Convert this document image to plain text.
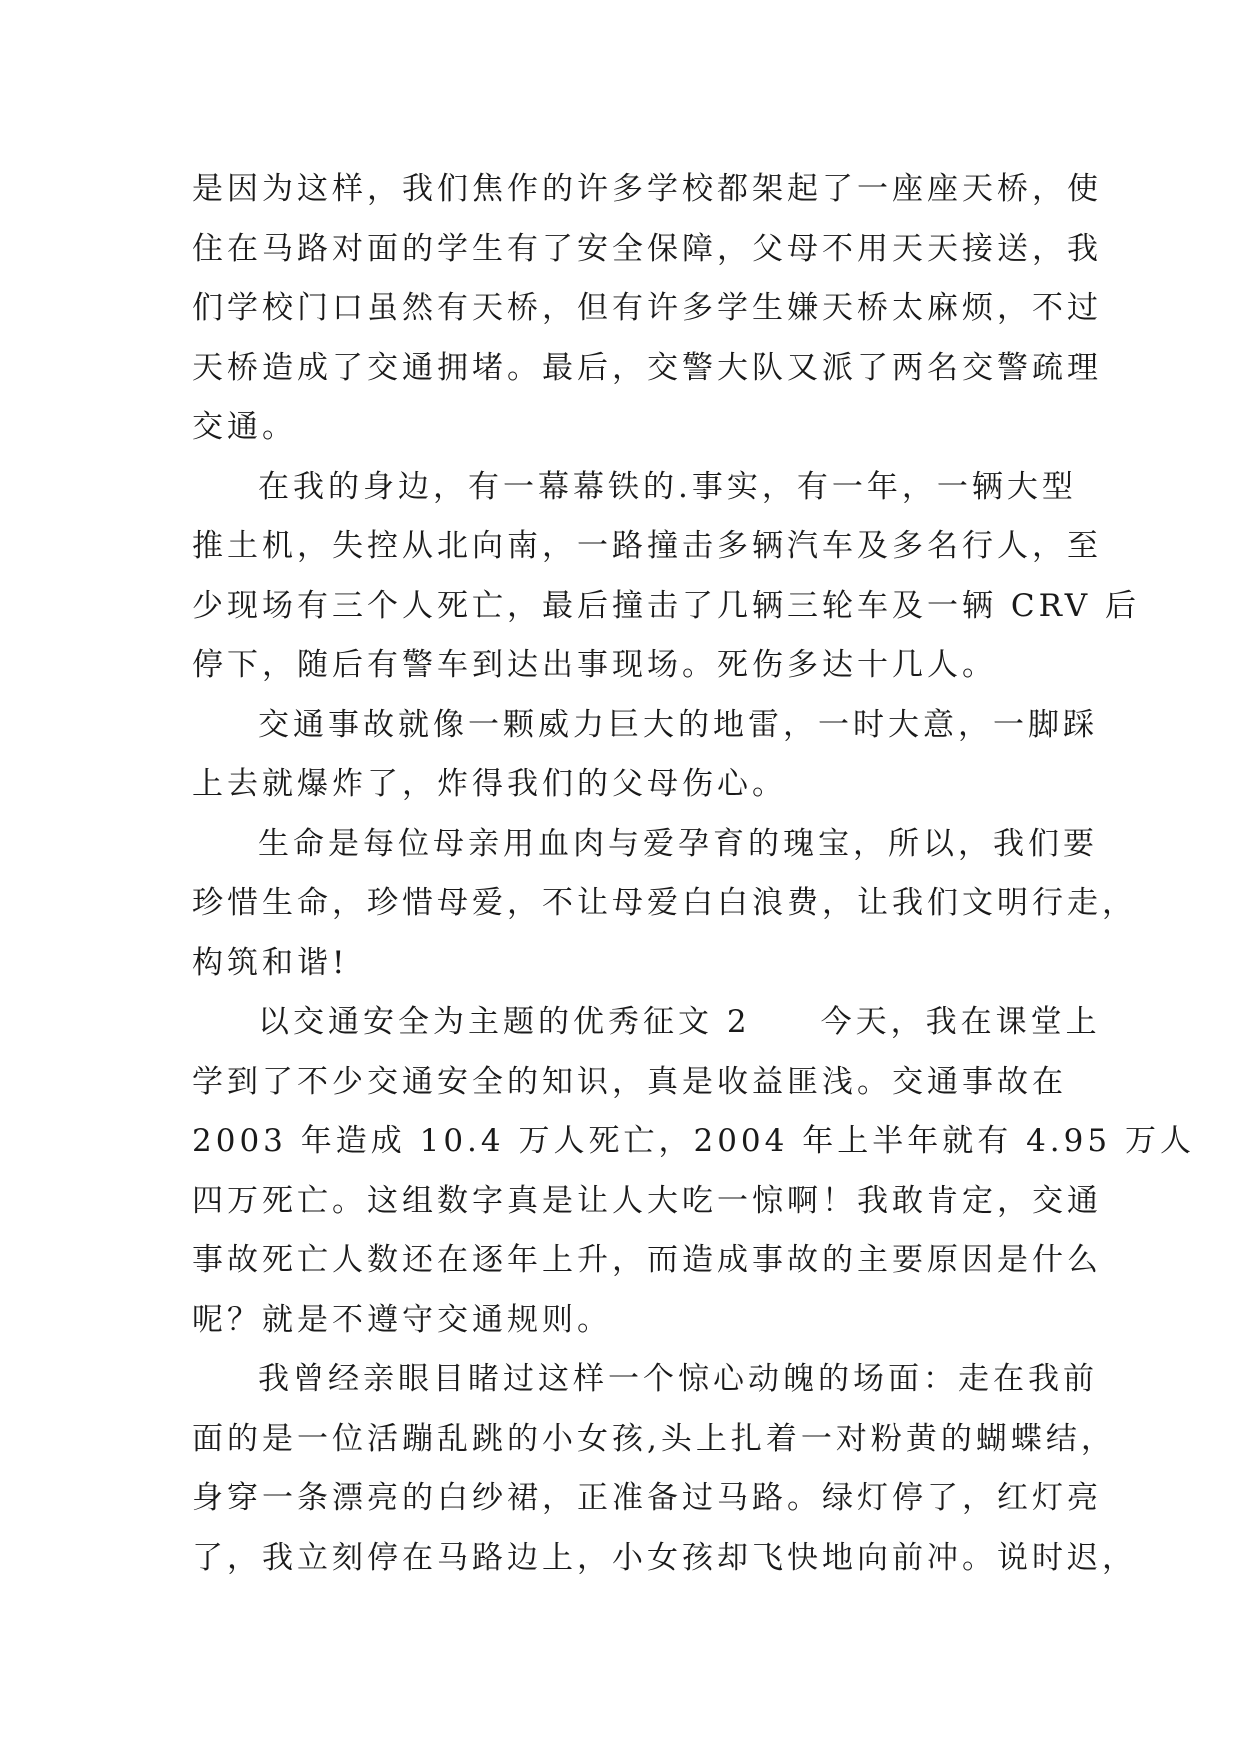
是因为这样，我们焦作的许多学校都架起了一座座天桥，使
住在马路对面的学生有了安全保障，父母不用天天接送，我
们学校门口虽然有天桥，但有许多学生嫌天桥太麻烦，不过
天桥造成了交通拥堵。最后，交警大队又派了两名交警疏理
交通。
在我的身边，有一幕幕铁的.事实，有一年，一辆大型
推土机，失控从北向南，一路撞击多辆汽车及多名行人，至
少现场有三个人死亡，最后撞击了几辆三轮车及一辆 CRV 后
停下，随后有警车到达出事现场。死伤多达十几人。
交通事故就像一颗威力巨大的地雷，一时大意，一脚踩
上去就爆炸了，炸得我们的父母伤心。
生命是每位母亲用血肉与爱孕育的瑰宝，所以，我们要
珍惜生命，珍惜母爱，不让母爱白白浪费，让我们文明行走，
构筑和谐!
以交通安全为主题的优秀征文 2　　今天，我在课堂上
学到了不少交通安全的知识，真是收益匪浅。交通事故在
2003 年造成 10.4 万人死亡，2004 年上半年就有 4.95 万人
四万死亡。这组数字真是让人大吃一惊啊！我敢肯定，交通
事故死亡人数还在逐年上升，而造成事故的主要原因是什么
呢？就是不遵守交通规则。
我曾经亲眼目睹过这样一个惊心动魄的场面：走在我前
面的是一位活蹦乱跳的小女孩,头上扎着一对粉黄的蝴蝶结，
身穿一条漂亮的白纱裙，正准备过马路。绿灯停了，红灯亮
了，我立刻停在马路边上，小女孩却飞快地向前冲。说时迟，
